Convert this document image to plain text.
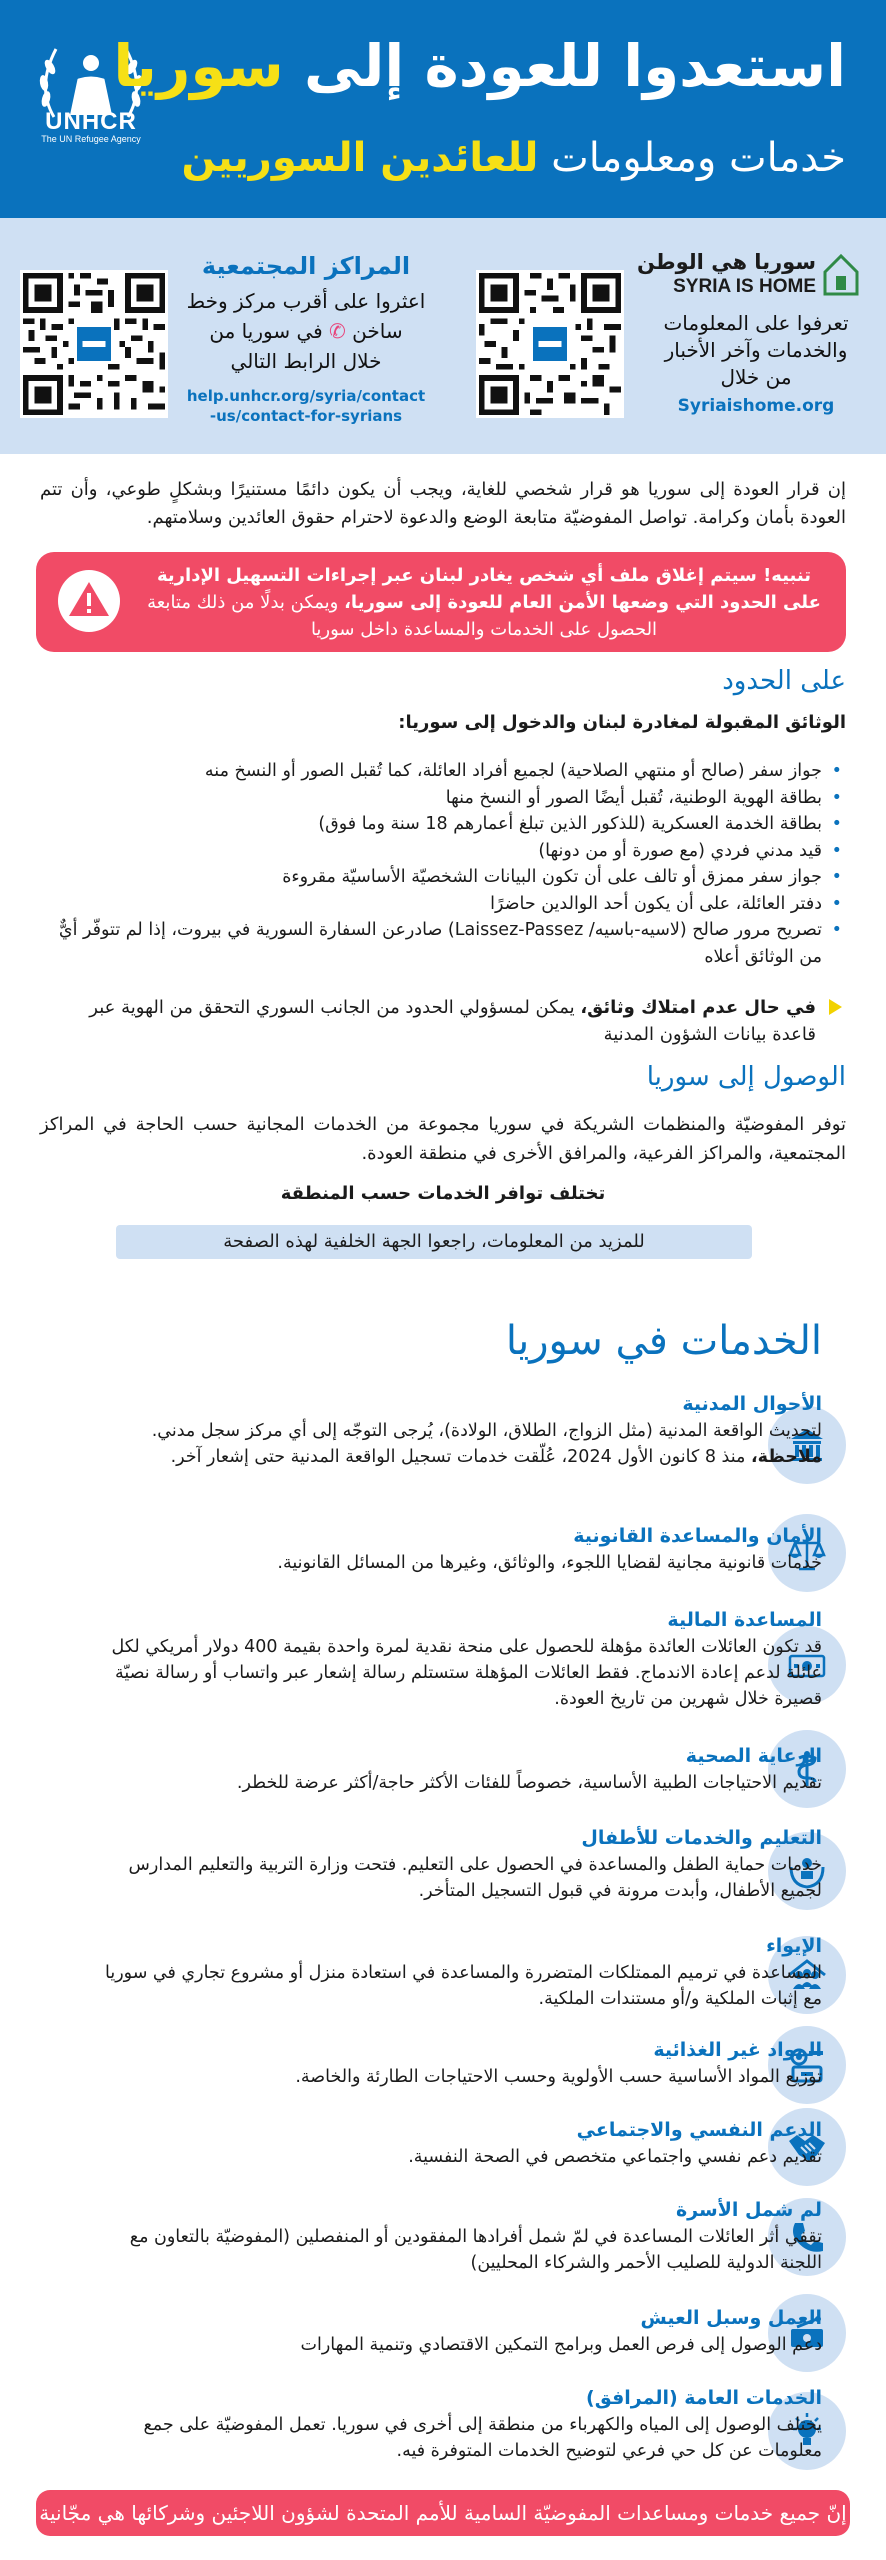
UNHCR
The UN Refugee Agency
استعدوا للعودة إلى سوريا
خدمات ومعلومات للعائدين السوريين
المراكز المجتمعية
اعثروا على أقرب مركز وخط
ساخن ✆ في سوريا من
خلال الرابط التالي
help.unhcr.org/syria/contact
-us/contact-for-syrians
سوريا هي الوطن
SYRIA IS HOME
تعرفوا على المعلومات
والخدمات وآخر الأخبار
من خلال
Syriaishome.org
إن قرار العودة إلى سوريا هو قرار شخصي للغاية، ويجب أن يكون دائمًا مستنيرًا وبشكلٍ طوعي، وأن تتم العودة بأمان وكرامة. تواصل المفوضيّة متابعة الوضع والدعوة لاحترام حقوق العائدين وسلامتهم.
تنبيه! سيتم إغلاق ملف أي شخص يغادر لبنان عبر إجراءات التسهيل الإدارية على الحدود التي وضعها الأمن العام للعودة إلى سوريا، ويمكن بدلًا من ذلك متابعة الحصول على الخدمات والمساعدة داخل سوريا
على الحدود
الوثائق المقبولة لمغادرة لبنان والدخول إلى سوريا:
• جواز سفر (صالح أو منتهي الصلاحية) لجميع أفراد العائلة، كما تُقبل الصور أو النسخ منه
• بطاقة الهوية الوطنية، تُقبل أيضًا الصور أو النسخ منها
• بطاقة الخدمة العسكرية (للذكور الذين تبلغ أعمارهم 18 سنة وما فوق)
• قيد مدني فردي (مع صورة أو من دونها)
• جواز سفر ممزق أو تالف على أن تكون البيانات الشخصيّة الأساسيّة مقروءة
• دفتر العائلة، على أن يكون أحد الوالدين حاضرًا
• تصريح مرور صالح (لاسيه-باسيه/ Laissez-Passez) صادرعن السفارة السورية في بيروت، إذا لم تتوفّر أيٌّ من الوثائق أعلاه
في حال عدم امتلاك وثائق، يمكن لمسؤولي الحدود من الجانب السوري التحقق من الهوية عبر قاعدة بيانات الشؤون المدنية
الوصول إلى سوريا
توفر المفوضيّة والمنظمات الشريكة في سوريا مجموعة من الخدمات المجانية حسب الحاجة في المراكز المجتمعية، والمراكز الفرعية، والمرافق الأخرى في منطقة العودة.
تختلف توافر الخدمات حسب المنطقة
للمزيد من المعلومات، راجعوا الجهة الخلفية لهذه الصفحة
الخدمات في سوريا
الأحوال المدنية
لتحديث الواقعة المدنية (مثل الزواج، الطلاق، الولادة)، يُرجى التوجّه إلى أي مركز سجل مدني. ملاحظة، منذ 8 كانون الأول 2024، عُلّقت خدمات تسجيل الواقعة المدنية حتى إشعار آخر.
الأمان والمساعدة القانونية
خدمات قانونية مجانية لقضايا اللجوء، والوثائق، وغيرها من المسائل القانونية.
المساعدة المالية
قد تكون العائلات العائدة مؤهلة للحصول على منحة نقدية لمرة واحدة بقيمة 400 دولار أمريكي لكل عائلة لدعم إعادة الاندماج. فقط العائلات المؤهلة ستستلم رسالة إشعار عبر واتساب أو رسالة نصيّة قصيرة خلال شهرين من تاريخ العودة.
الرعاية الصحية
تقديم الاحتياجات الطبية الأساسية، خصوصاً للفئات الأكثر حاجة/أكثر عرضة للخطر.
التعليم والخدمات للأطفال
خدمات حماية الطفل والمساعدة في الحصول على التعليم. فتحت وزارة التربية والتعليم المدارس لجميع الأطفال، وأبدت مرونة في قبول التسجيل المتأخر.
الإيواء
المساعدة في ترميم الممتلكات المتضررة والمساعدة في استعادة منزل أو مشروع تجاري في سوريا مع إثبات الملكية و/أو مستندات الملكية.
المواد غير الغذائية
توزيع المواد الأساسية حسب الأولوية وحسب الاحتياجات الطارئة والخاصة.
الدعم النفسي والاجتماعي
تقديم دعم نفسي واجتماعي متخصص في الصحة النفسية.
لم شمل الأسرة
تقفي أثر العائلات المساعدة في لمّ شمل أفرادها المفقودين أو المنفصلين (المفوضيّة بالتعاون مع اللجنة الدولية للصليب الأحمر والشركاء المحليين)
العمل وسبل العيش
دعم الوصول إلى فرص العمل وبرامج التمكين الاقتصادي وتنمية المهارات
الخدمات العامة (المرافق)
يختلف الوصول إلى المياه والكهرباء من منطقة إلى أخرى في سوريا. تعمل المفوضيّة على جمع معلومات عن كل حي فرعي لتوضيح الخدمات المتوفرة فيه.
إنّ جميع خدمات ومساعدات المفوضيّة السامية للأمم المتحدة لشؤون اللاجئين وشركائها هي مجّانية
